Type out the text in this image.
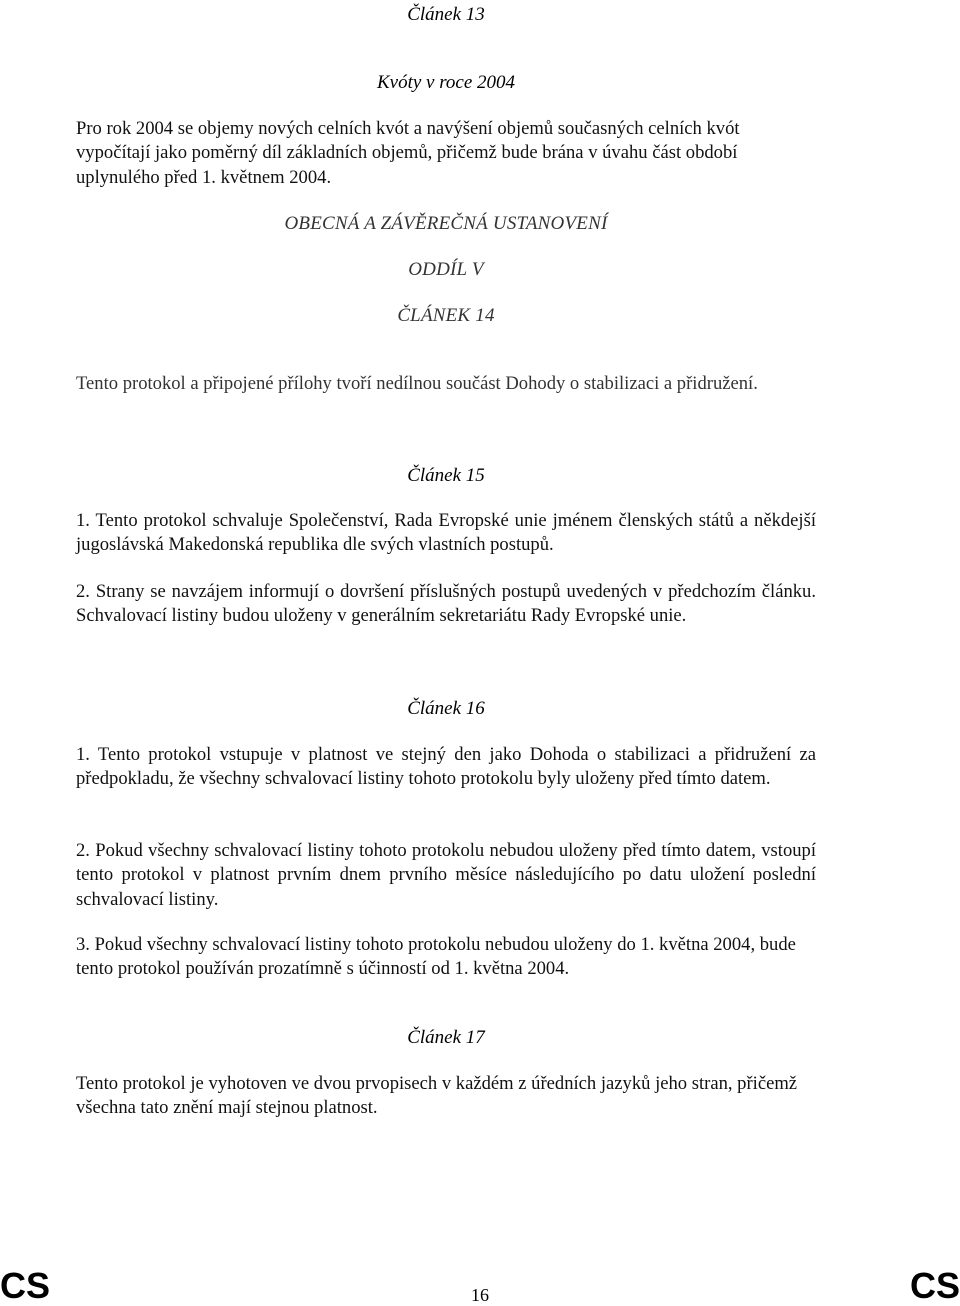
Článek 13

Kvóty v roce 2004

Pro rok 2004 se objemy nových celních kvót a navýšení objemů současných celních kvót vypočítají jako poměrný díl základních objemů, přičemž bude brána v úvahu část období uplynulého před 1. květnem 2004.

OBECNÁ A ZÁVĚREČNÁ USTANOVENÍ

ODDÍL V

ČLÁNEK 14

Tento protokol a připojené přílohy tvoří nedílnou součást Dohody o stabilizaci a přidružení.

Článek 15

1. Tento protokol schvaluje Společenství, Rada Evropské unie jménem členských států a někdejší jugoslávská Makedonská republika dle svých vlastních postupů.

2. Strany se navzájem informují o dovršení příslušných postupů uvedených v předchozím článku. Schvalovací listiny budou uloženy v generálním sekretariátu Rady Evropské unie.

Článek 16

1. Tento protokol vstupuje v platnost ve stejný den jako Dohoda o stabilizaci a přidružení za předpokladu, že všechny schvalovací listiny tohoto protokolu byly uloženy před tímto datem.

2. Pokud všechny schvalovací listiny tohoto protokolu nebudou uloženy před tímto datem, vstoupí tento protokol v platnost prvním dnem prvního měsíce následujícího po datu uložení poslední schvalovací listiny.

3. Pokud všechny schvalovací listiny tohoto protokolu nebudou uloženy do 1. května 2004, bude tento protokol používán prozatímně s účinností od 1. května 2004.

Článek 17

Tento protokol je vyhotoven ve dvou prvopisech v každém z úředních jazyků jeho stran, přičemž všechna tato znění mají stejnou platnost.

CS	16	CS
